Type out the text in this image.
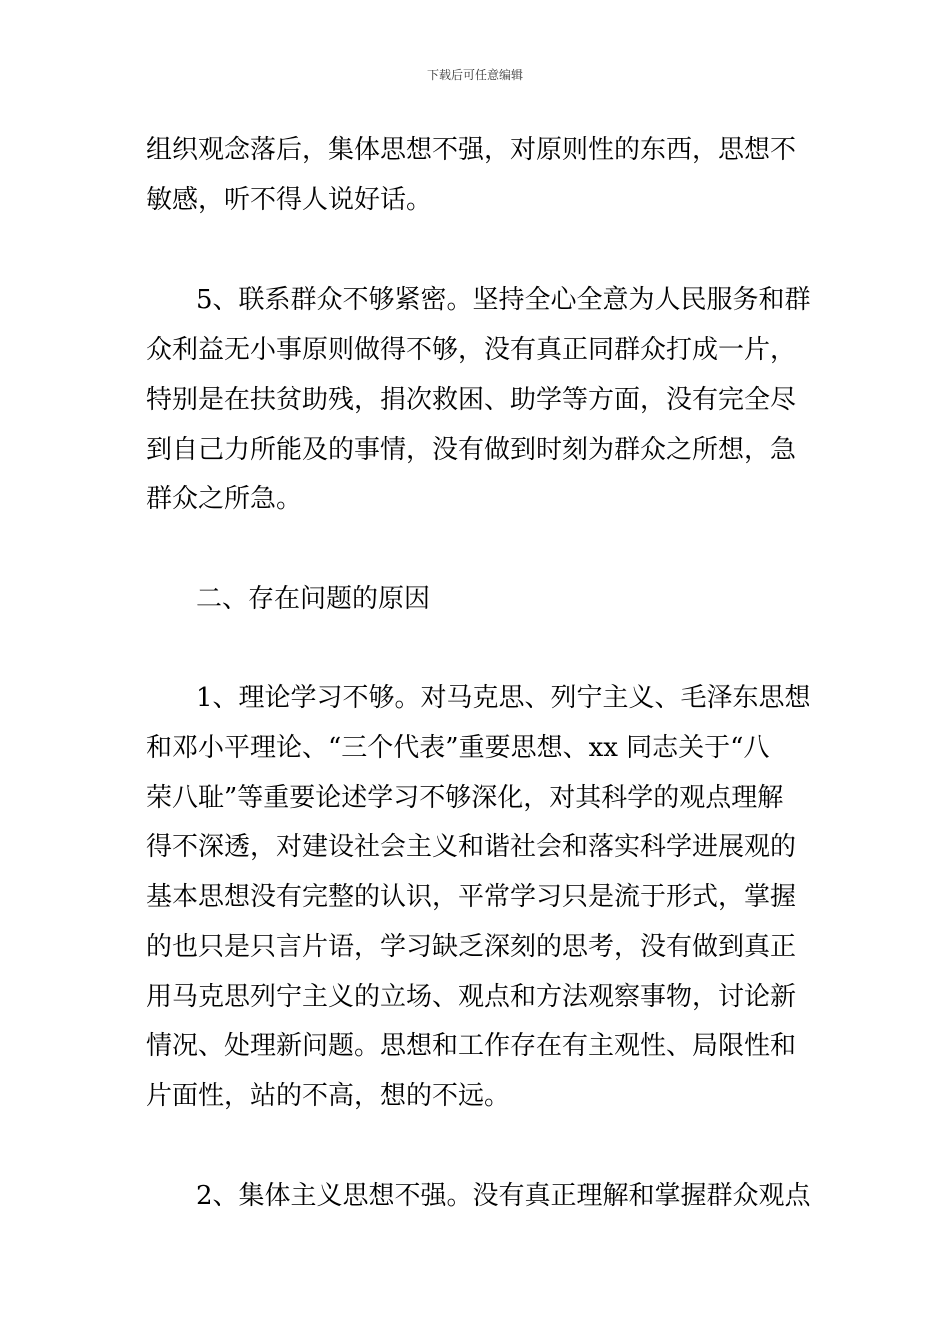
下载后可任意编辑
组织观念落后，集体思想不强，对原则性的东西，思想不
敏感，听不得人说好话。
5、联系群众不够紧密。坚持全心全意为人民服务和群
众利益无小事原则做得不够，没有真正同群众打成一片，
特别是在扶贫助残，捐次救困、助学等方面，没有完全尽
到自己力所能及的事情，没有做到时刻为群众之所想，急
群众之所急。
二、存在问题的原因
1、理论学习不够。对马克思、列宁主义、毛泽东思想
和邓小平理论、“三个代表”重要思想、xx 同志关于“八
荣八耻”等重要论述学习不够深化，对其科学的观点理解
得不深透，对建设社会主义和谐社会和落实科学进展观的
基本思想没有完整的认识，平常学习只是流于形式，掌握
的也只是只言片语，学习缺乏深刻的思考，没有做到真正
用马克思列宁主义的立场、观点和方法观察事物，讨论新
情况、处理新问题。思想和工作存在有主观性、局限性和
片面性，站的不高，想的不远。
2、集体主义思想不强。没有真正理解和掌握群众观点
